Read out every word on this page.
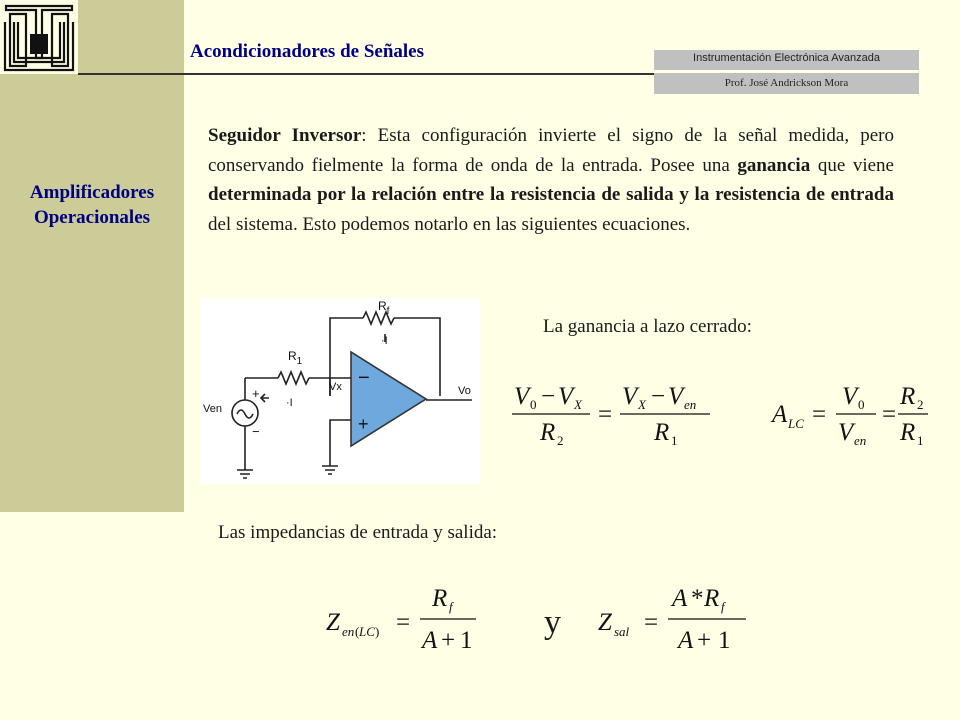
Acondicionadores de Señales	Instrumentación Electrónica Avanzada
Prof. José Andrickson Mora
Amplificadores
Operacionales
Seguidor Inversor: Esta configuración invierte el signo de la señal medida, pero conservando fielmente la forma de onda de la entrada. Posee una ganancia que viene determinada por la relación entre la resistencia de salida y la resistencia de entrada del sistema. Esto podemos notarlo en las siguientes ecuaciones.
−
+
$R_f$
·I
$R_1$
·I
Vx	Vo
Ven
+
−
La ganancia a lazo cerrado:
V 0 − V X
R 2
=
V X − V en
R 1
A LC =
V 0
V en
=
R 2
R 1
Las impedancias de entrada y salida:
Z en ( LC ) =
R f
A + 1 y Z sal =
A * R f
A + 1
